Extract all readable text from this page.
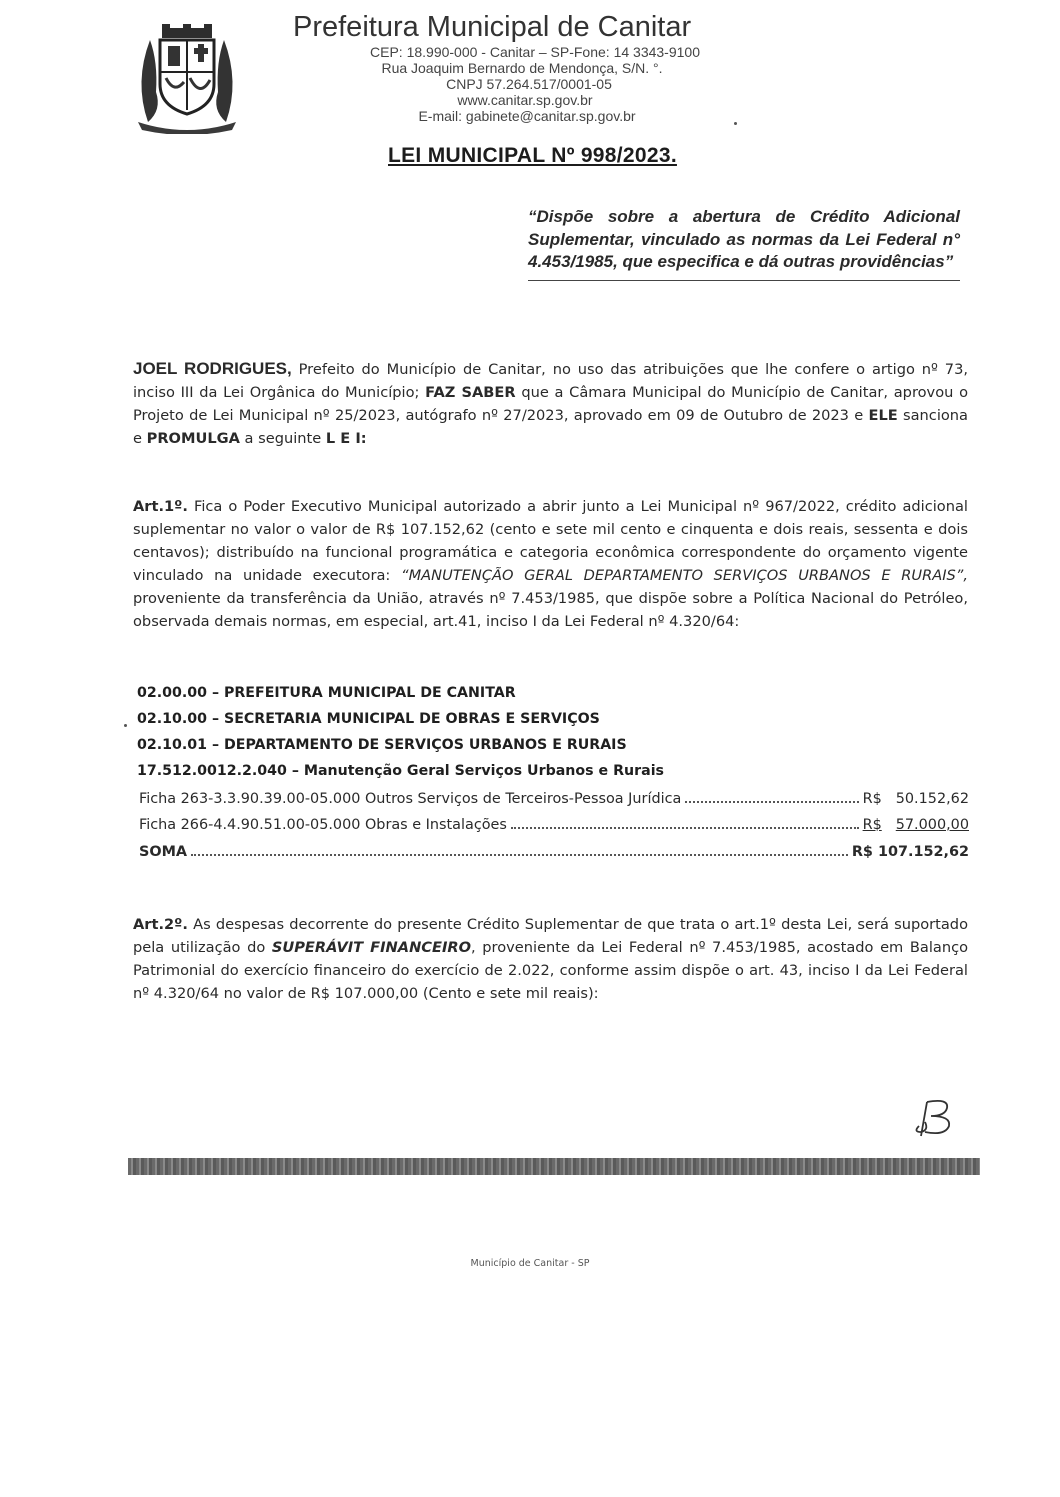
Prefeitura Municipal de Canitar
CEP: 18.990-000 - Canitar – SP-Fone: 14 3343-9100
Rua Joaquim Bernardo de Mendonça, S/N. °.
CNPJ 57.264.517/0001-05
www.canitar.sp.gov.br
E-mail: gabinete@canitar.sp.gov.br
LEI MUNICIPAL Nº 998/2023.
“Dispõe sobre a abertura de Crédito Adicional Suplementar, vinculado as normas da Lei Federal n° 4.453/1985, que especifica e dá outras providências”
JOEL RODRIGUES, Prefeito do Município de Canitar, no uso das atribuições que lhe confere o artigo nº 73, inciso III da Lei Orgânica do Município; FAZ SABER que a Câmara Municipal do Município de Canitar, aprovou o Projeto de Lei Municipal nº 25/2023, autógrafo nº 27/2023, aprovado em 09 de Outubro de 2023 e ELE sanciona e PROMULGA a seguinte L E I:
Art.1º. Fica o Poder Executivo Municipal autorizado a abrir junto a Lei Municipal nº 967/2022, crédito adicional suplementar no valor o valor de R$ 107.152,62 (cento e sete mil cento e cinquenta e dois reais, sessenta e dois centavos); distribuído na funcional programática e categoria econômica correspondente do orçamento vigente vinculado na unidade executora: “MANUTENÇÃO GERAL DEPARTAMENTO SERVIÇOS URBANOS E RURAIS”, proveniente da transferência da União, através nº 7.453/1985, que dispõe sobre a Política Nacional do Petróleo, observada demais normas, em especial, art.41, inciso I da Lei Federal nº 4.320/64:
02.00.00 – PREFEITURA MUNICIPAL DE CANITAR
02.10.00 – SECRETARIA MUNICIPAL DE OBRAS E SERVIÇOS
02.10.01 – DEPARTAMENTO DE SERVIÇOS URBANOS E RURAIS
17.512.0012.2.040 – Manutenção Geral Serviços Urbanos e Rurais
Ficha 263-3.3.90.39.00-05.000 Outros Serviços de Terceiros-Pessoa Jurídica	R$ 50.152,62
Ficha 266-4.4.90.51.00-05.000 Obras e Instalações	R$ 57.000,00
SOMA	R$ 107.152,62
Art.2º. As despesas decorrente do presente Crédito Suplementar de que trata o art.1º desta Lei, será suportado pela utilização do SUPERÁVIT FINANCEIRO, proveniente da Lei Federal nº 7.453/1985, acostado em Balanço Patrimonial do exercício financeiro do exercício de 2.022, conforme assim dispõe o art. 43, inciso I da Lei Federal nº 4.320/64 no valor de R$ 107.000,00 (Cento e sete mil reais):
Município de Canitar - SP
